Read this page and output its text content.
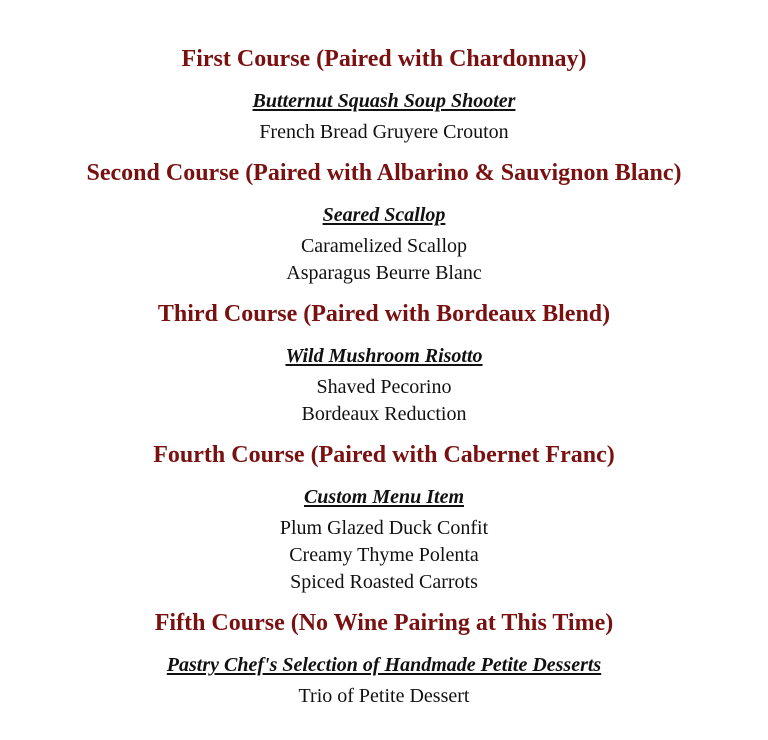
First Course (Paired with Chardonnay)
Butternut Squash Soup Shooter
French Bread Gruyere Crouton
Second Course (Paired with Albarino & Sauvignon Blanc)
Seared Scallop
Caramelized Scallop
Asparagus Beurre Blanc
Third Course (Paired with Bordeaux Blend)
Wild Mushroom Risotto
Shaved Pecorino
Bordeaux Reduction
Fourth Course (Paired with Cabernet Franc)
Custom Menu Item
Plum Glazed Duck Confit
Creamy Thyme Polenta
Spiced Roasted Carrots
Fifth Course (No Wine Pairing at This Time)
Pastry Chef's Selection of Handmade Petite Desserts
Trio of Petite Dessert
